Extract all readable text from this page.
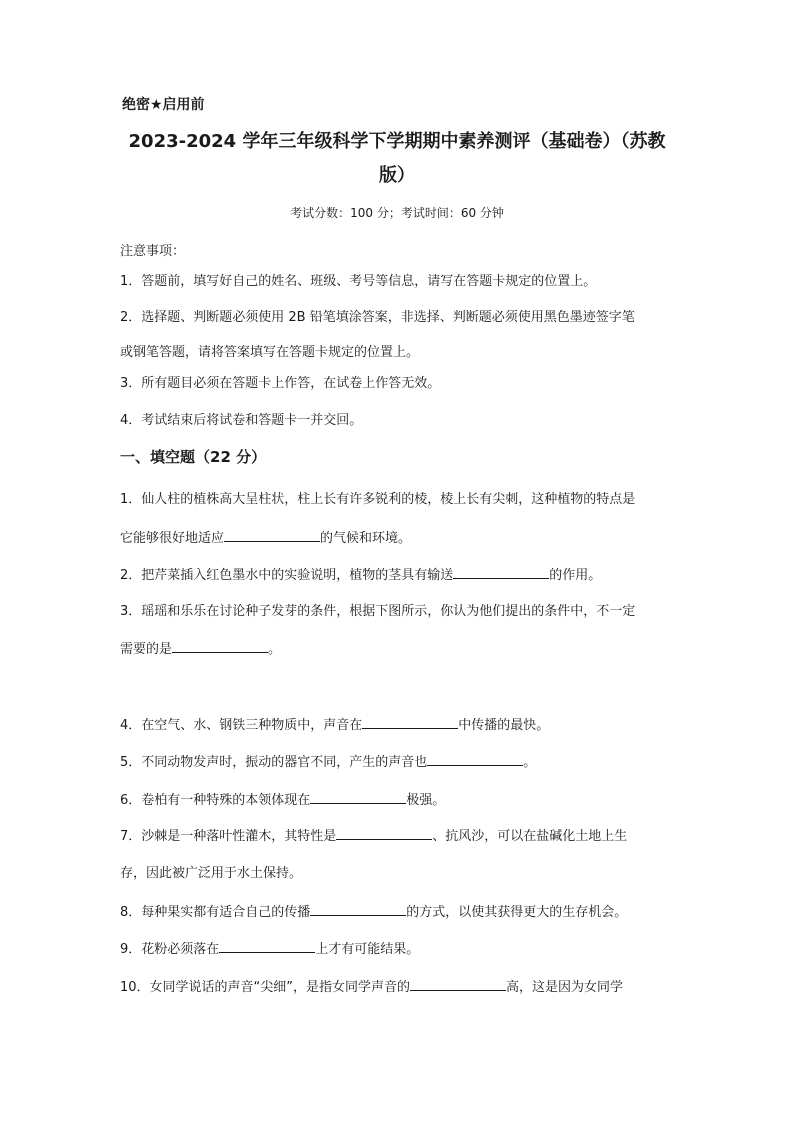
绝密★启用前
2023-2024 学年三年级科学下学期期中素养测评（基础卷）（苏教
版）
考试分数：100 分；考试时间：60 分钟
注意事项：
1．答题前，填写好自己的姓名、班级、考号等信息，请写在答题卡规定的位置上。
2．选择题、判断题必须使用 2B 铅笔填涂答案，非选择、判断题必须使用黑色墨迹签字笔
或钢笔答题，请将答案填写在答题卡规定的位置上。
3．所有题目必须在答题卡上作答，在试卷上作答无效。
4．考试结束后将试卷和答题卡一并交回。
一、填空题（22 分）
1．仙人柱的植株高大呈柱状，柱上长有许多锐利的棱，棱上长有尖刺，这种植物的特点是
它能够很好地适应	的气候和环境。
2．把芹菜插入红色墨水中的实验说明，植物的茎具有输送	的作用。
3．瑶瑶和乐乐在讨论种子发芽的条件，根据下图所示，你认为他们提出的条件中，不一定
需要的是	。
4．在空气、水、钢铁三种物质中，声音在	中传播的最快。
5．不同动物发声时，振动的器官不同，产生的声音也	。
6．卷柏有一种特殊的本领体现在	极强。
7．沙棘是一种落叶性灌木，其特性是	、抗风沙，可以在盐碱化土地上生
存，因此被广泛用于水土保持。
8．每种果实都有适合自己的传播	的方式，以使其获得更大的生存机会。
9．花粉必须落在	上才有可能结果。
10．女同学说话的声音“尖细”，是指女同学声音的	高，这是因为女同学
